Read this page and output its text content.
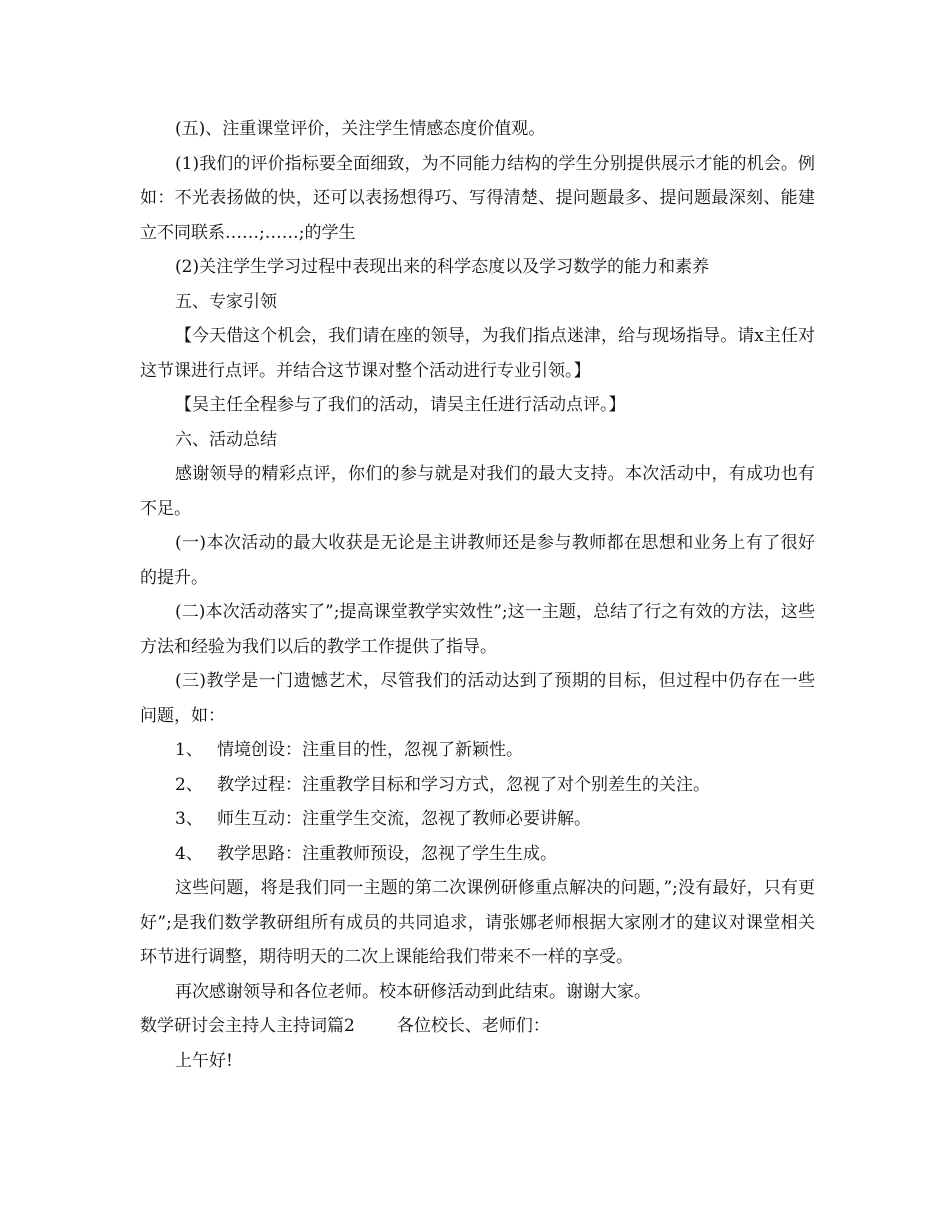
(五)、注重课堂评价，关注学生情感态度价值观。

(1)我们的评价指标要全面细致，为不同能力结构的学生分别提供展示才能的机会。例如：不光表扬做的快，还可以表扬想得巧、写得清楚、提问题最多、提问题最深刻、能建立不同联系……;……;的学生

(2)关注学生学习过程中表现出来的科学态度以及学习数学的能力和素养

五、专家引领

【今天借这个机会，我们请在座的领导，为我们指点迷津，给与现场指导。请x主任对这节课进行点评。并结合这节课对整个活动进行专业引领。】

【吴主任全程参与了我们的活动，请吴主任进行活动点评。】

六、活动总结

感谢领导的精彩点评，你们的参与就是对我们的最大支持。本次活动中，有成功也有不足。

(一)本次活动的最大收获是无论是主讲教师还是参与教师都在思想和业务上有了很好的提升。

(二)本次活动落实了”;提高课堂教学实效性”;这一主题，总结了行之有效的方法，这些方法和经验为我们以后的教学工作提供了指导。

(三)教学是一门遗憾艺术，尽管我们的活动达到了预期的目标，但过程中仍存在一些问题，如：

1、 情境创设：注重目的性，忽视了新颖性。

2、 教学过程：注重教学目标和学习方式，忽视了对个别差生的关注。

3、 师生互动：注重学生交流，忽视了教师必要讲解。

4、 教学思路：注重教师预设，忽视了学生生成。

这些问题，将是我们同一主题的第二次课例研修重点解决的问题，”;没有最好，只有更好”;是我们数学教研组所有成员的共同追求，请张娜老师根据大家刚才的建议对课堂相关环节进行调整，期待明天的二次上课能给我们带来不一样的享受。

再次感谢领导和各位老师。校本研修活动到此结束。谢谢大家。

数学研讨会主持人主持词篇2 各位校长、老师们：

上午好!
